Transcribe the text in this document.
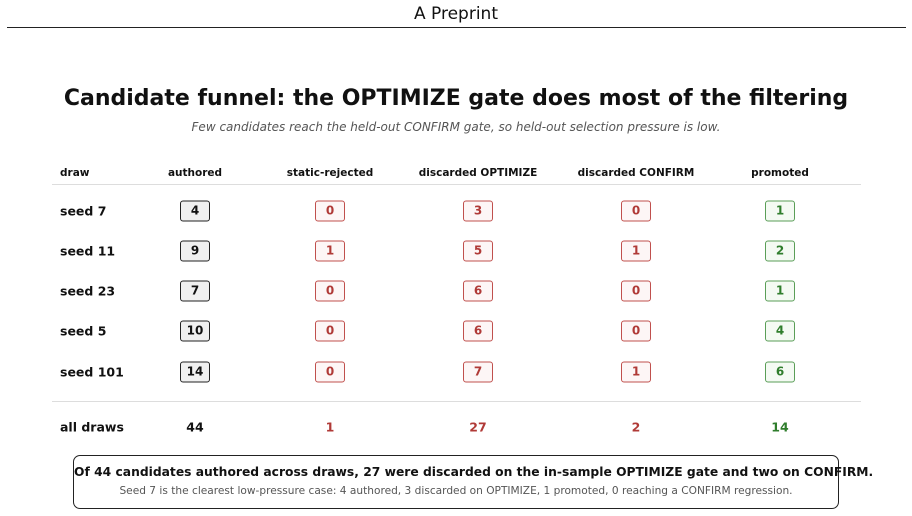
A Preprint
Candidate funnel: the OPTIMIZE gate does most of the filtering
Few candidates reach the held-out CONFIRM gate, so held-out selection pressure is low.
draw	authored	static-rejected	discarded OPTIMIZE	discarded CONFIRM	promoted
seed 7	4	0	3	0	1
seed 11	9	1	5	1	2
seed 23	7	0	6	0	1
seed 5	10	0	6	0	4
seed 101	14	0	7	1	6
all draws	44	1	27	2	14
Of 44 candidates authored across draws, 27 were discarded on the in-sample OPTIMIZE gate and two on CONFIRM.
Seed 7 is the clearest low-pressure case: 4 authored, 3 discarded on OPTIMIZE, 1 promoted, 0 reaching a CONFIRM regression.
